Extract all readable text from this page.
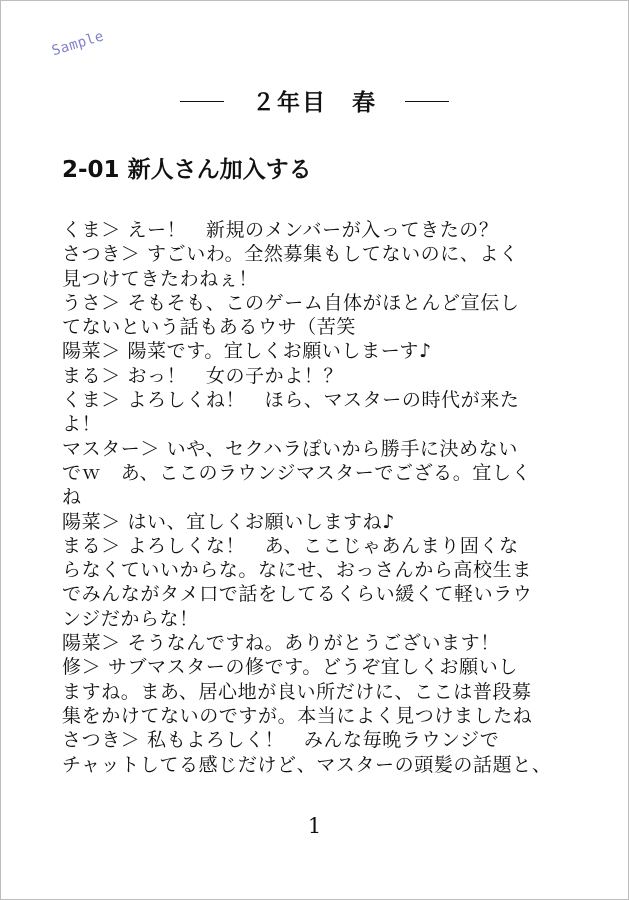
Sample
２年目　春
2-01 新人さん加入する
くま＞ えー！　新規のメンバーが入ってきたの？
さつき＞ すごいわ。全然募集もしてないのに、よく
見つけてきたわねぇ！
うさ＞ そもそも、このゲーム自体がほとんど宣伝し
てないという話もあるウサ（苦笑
陽菜＞ 陽菜です。宜しくお願いしまーす♪
まる＞ おっ！　女の子かよ！？
くま＞ よろしくね！　ほら、マスターの時代が来た
よ！
マスター＞ いや、セクハラぽいから勝手に決めない
でｗ　あ、ここのラウンジマスターでござる。宜しく
ね
陽菜＞ はい、宜しくお願いしますね♪
まる＞ よろしくな！　あ、ここじゃあんまり固くな
らなくていいからな。なにせ、おっさんから高校生ま
でみんながタメ口で話をしてるくらい緩くて軽いラウ
ンジだからな！
陽菜＞ そうなんですね。ありがとうございます！
修＞ サブマスターの修です。どうぞ宜しくお願いし
ますね。まあ、居心地が良い所だけに、ここは普段募
集をかけてないのですが。本当によく見つけましたね
さつき＞ 私もよろしく！　みんな毎晩ラウンジで
チャットしてる感じだけど、マスターの頭髪の話題と、
1
